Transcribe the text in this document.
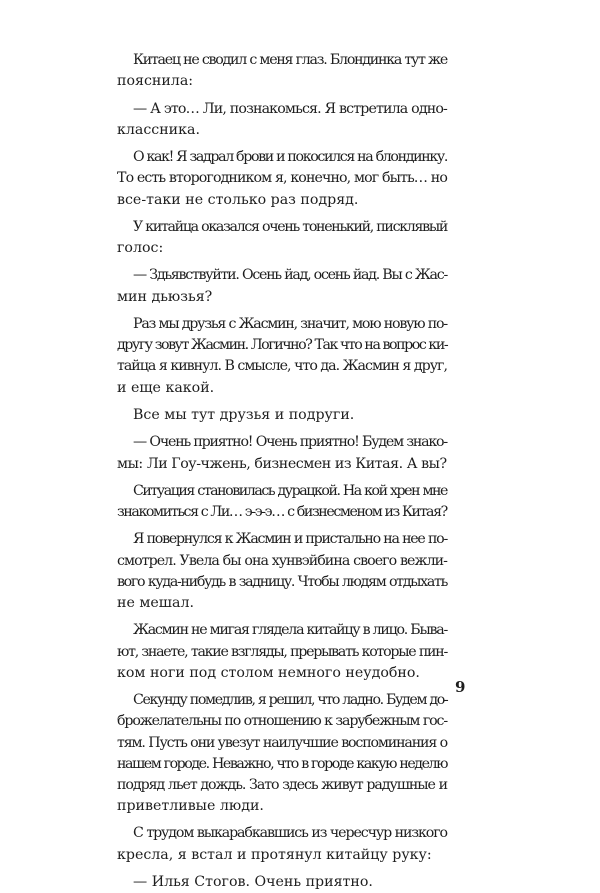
Китаец не сводил с меня глаз. Блондинка тут же
пояснила:
— А это… Ли, познакомься. Я встретила одно-
классника.
О как! Я задрал брови и покосился на блондинку.
То есть второгодником я, конечно, мог быть… но
все-таки не столько раз подряд.
У китайца оказался очень тоненький, писклявый
голос:
— Здьявствуйти. Осень йад, осень йад. Вы с Жас-
мин дьюзья?
Раз мы друзья с Жасмин, значит, мою новую по-
другу зовут Жасмин. Логично? Так что на вопрос ки-
тайца я кивнул. В смысле, что да. Жасмин я друг,
и еще какой.
Все мы тут друзья и подруги.
— Очень приятно! Очень приятно! Будем знако-
мы: Ли Гоу-чжень, бизнесмен из Китая. А вы?
Ситуация становилась дурацкой. На кой хрен мне
знакомиться с Ли… э-э-э… с бизнесменом из Китая?
Я повернулся к Жасмин и пристально на нее по-
смотрел. Увела бы она хунвэйбина своего вежли-
вого куда-нибудь в задницу. Чтобы людям отдыхать
не мешал.
Жасмин не мигая глядела китайцу в лицо. Быва-
ют, знаете, такие взгляды, прерывать которые пин-
ком ноги под столом немного неудобно.
Секунду помедлив, я решил, что ладно. Будем до-
брожелательны по отношению к зарубежным гос-
тям. Пусть они увезут наилучшие воспоминания о
нашем городе. Неважно, что в городе какую неделю
подряд льет дождь. Зато здесь живут радушные и
приветливые люди.
С трудом выкарабкавшись из чересчур низкого
кресла, я встал и протянул китайцу руку:
— Илья Стогов. Очень приятно.
9
